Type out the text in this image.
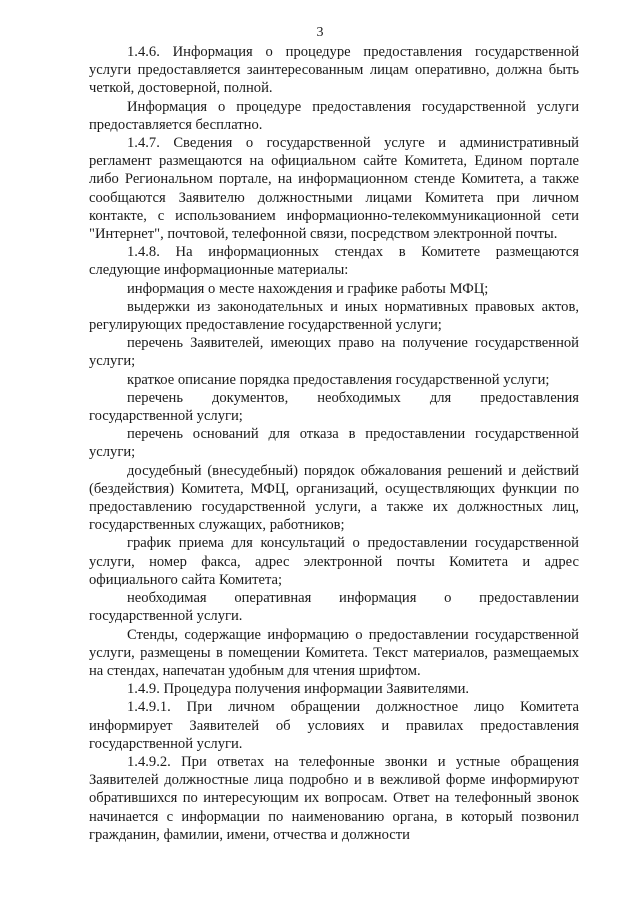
3

1.4.6. Информация о процедуре предоставления государственной услуги предоставляется заинтересованным лицам оперативно, должна быть четкой, достоверной, полной.

Информация о процедуре предоставления государственной услуги предоставляется бесплатно.

1.4.7. Сведения о государственной услуге и административный регламент размещаются на официальном сайте Комитета, Едином портале либо Региональном портале, на информационном стенде Комитета, а также сообщаются Заявителю должностными лицами Комитета при личном контакте, с использованием информационно-телекоммуникационной сети "Интернет", почтовой, телефонной связи, посредством электронной почты.

1.4.8. На информационных стендах в Комитете размещаются следующие информационные материалы:

информация о месте нахождения и графике работы МФЦ;

выдержки из законодательных и иных нормативных правовых актов, регулирующих предоставление государственной услуги;

перечень Заявителей, имеющих право на получение государственной услуги;

краткое описание порядка предоставления государственной услуги;

перечень документов, необходимых для предоставления государственной услуги;

перечень оснований для отказа в предоставлении государственной услуги;

досудебный (внесудебный) порядок обжалования решений и действий (бездействия) Комитета, МФЦ, организаций, осуществляющих функции по предоставлению государственной услуги, а также их должностных лиц, государственных служащих, работников;

график приема для консультаций о предоставлении государственной услуги, номер факса, адрес электронной почты Комитета и адрес официального сайта Комитета;

необходимая оперативная информация о предоставлении государственной услуги.

Стенды, содержащие информацию о предоставлении государственной услуги, размещены в помещении Комитета. Текст материалов, размещаемых на стендах, напечатан удобным для чтения шрифтом.

1.4.9. Процедура получения информации Заявителями.

1.4.9.1. При личном обращении должностное лицо Комитета информирует Заявителей об условиях и правилах предоставления государственной услуги.

1.4.9.2. При ответах на телефонные звонки и устные обращения Заявителей должностные лица подробно и в вежливой форме информируют обратившихся по интересующим их вопросам. Ответ на телефонный звонок начинается с информации по наименованию органа, в который позвонил гражданин, фамилии, имени, отчества и должности
